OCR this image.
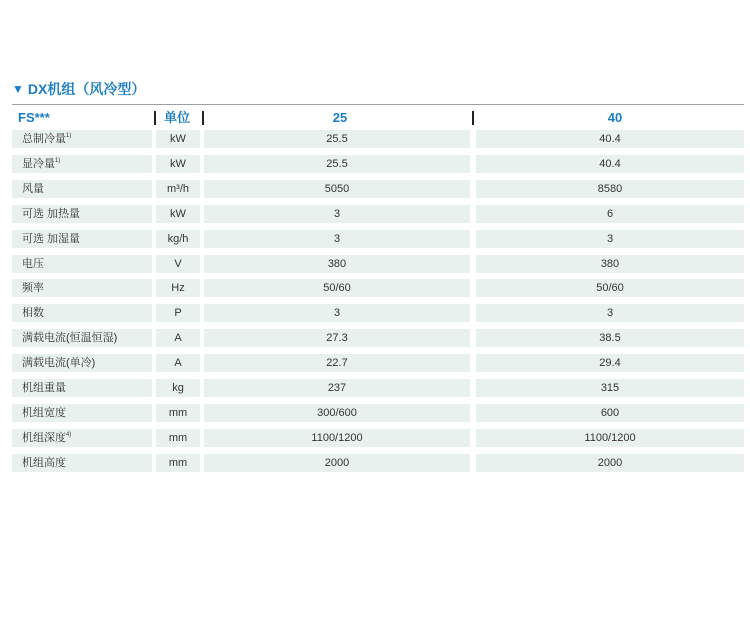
▼ DX机组（风冷型）
FS***	单位	25	40
总制冷量$^{1)}$	kW	25.5	40.4
显冷量$^{1)}$	kW	25.5	40.4
风量	m³/h	5050	8580
可选 加热量	kW	3	6
可选 加湿量	kg/h	3	3
电压	V	380	380
频率	Hz	50/60	50/60
相数	P	3	3
满载电流(恒温恒湿)	A	27.3	38.5
满载电流(单冷)	A	22.7	29.4
机组重量	kg	237	315
机组宽度	mm	300/600	600
机组深度$^{4)}$	mm	1100/1200	1100/1200
机组高度	mm	2000	2000
